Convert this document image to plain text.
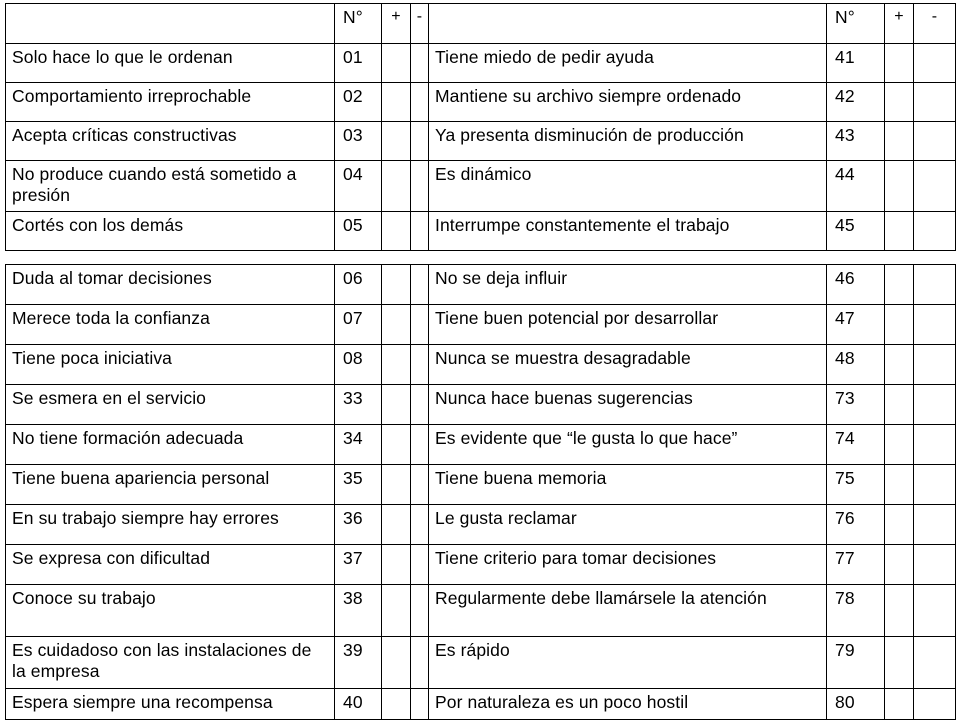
	N°	+	-		N°	+	-
Solo hace lo que le ordenan	01			Tiene miedo de pedir ayuda	41		
Comportamiento irreprochable	02			Mantiene su archivo siempre ordenado	42		
Acepta críticas constructivas	03			Ya presenta disminución de producción	43		
No produce cuando está sometido a presión	04			Es dinámico	44		
Cortés con los demás	05			Interrumpe constantemente el trabajo	45		

Duda al tomar decisiones	06			No se deja influir	46		
Merece toda la confianza	07			Tiene buen potencial por desarrollar	47		
Tiene poca iniciativa	08			Nunca se muestra desagradable	48		
Se esmera en el servicio	33			Nunca hace buenas sugerencias	73		
No tiene formación adecuada	34			Es evidente que “le gusta lo que hace”	74		
Tiene buena apariencia personal	35			Tiene buena memoria	75		
En su trabajo siempre hay errores	36			Le gusta reclamar	76		
Se expresa con dificultad	37			Tiene criterio para tomar decisiones	77		
Conoce su trabajo	38			Regularmente debe llamársele la atención	78		
Es cuidadoso con las instalaciones de la empresa	39			Es rápido	79		
Espera siempre una recompensa	40			Por naturaleza es un poco hostil	80		
